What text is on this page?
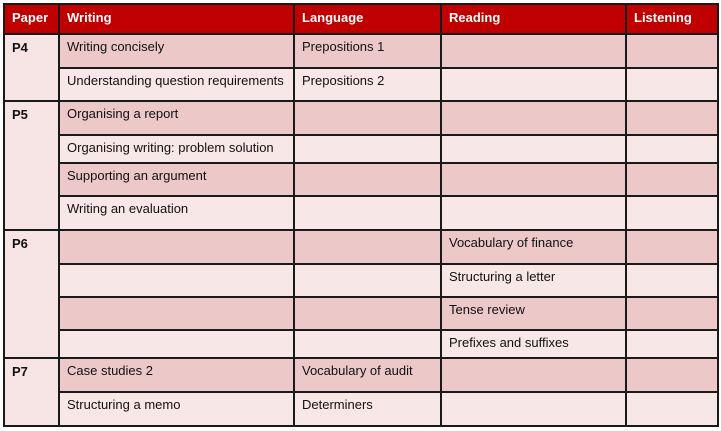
Paper	Writing	Language	Reading	Listening
P4	Writing concisely	Prepositions 1		
	Understanding question requirements	Prepositions 2		
P5	Organising a report			
	Organising writing: problem solution			
	Supporting an argument			
	Writing an evaluation			
P6			Vocabulary of finance	
			Structuring a letter	
			Tense review	
			Prefixes and suffixes	
P7	Case studies 2	Vocabulary of audit		
	Structuring a memo	Determiners		
